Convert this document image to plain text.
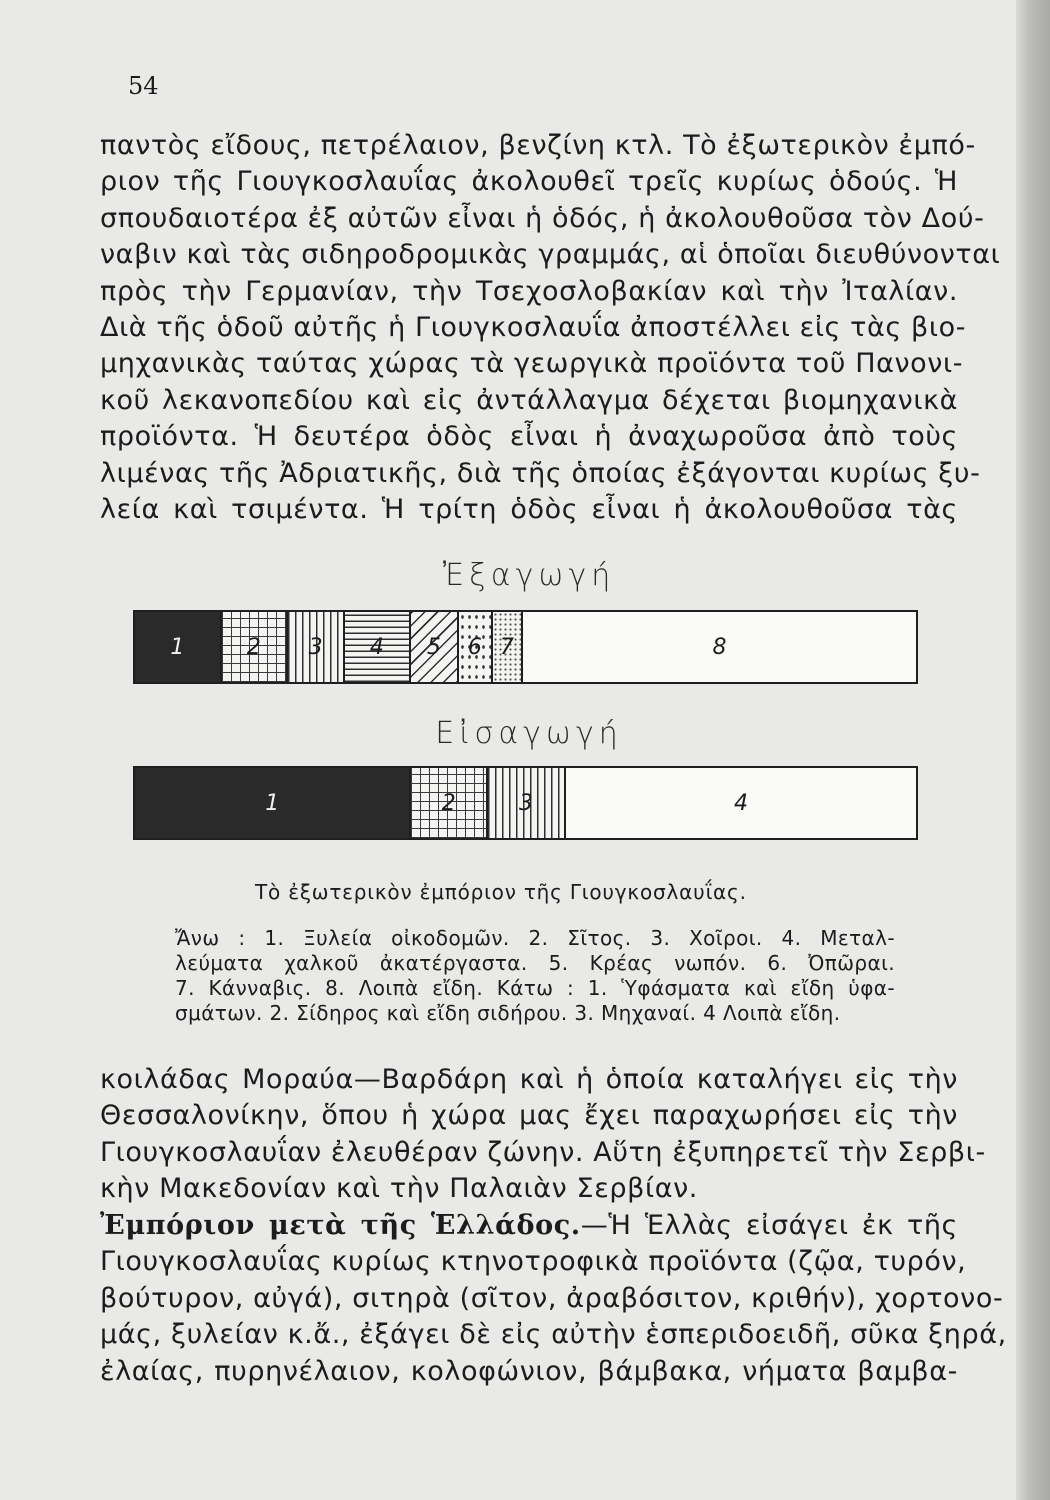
54
παντὸς εἴδους, πετρέλαιον, βενζίνη κτλ. Τὸ ἐξωτερικὸν ἐμπό-
ριον τῆς Γιουγκοσλαυΐας ἀκολουθεῖ τρεῖς κυρίως ὁδούς. Ἡ
σπουδαιοτέρα ἐξ αὐτῶν εἶναι ἡ ὁδός, ἡ ἀκολουθοῦσα τὸν Δού-
ναβιν καὶ τὰς σιδηροδρομικὰς γραμμάς, αἱ ὁποῖαι διευθύνονται
πρὸς τὴν Γερμανίαν, τὴν Τσεχοσλοβακίαν καὶ τὴν Ἰταλίαν.
Διὰ τῆς ὁδοῦ αὐτῆς ἡ Γιουγκοσλαυΐα ἀποστέλλει εἰς τὰς βιο-
μηχανικὰς ταύτας χώρας τὰ γεωργικὰ προϊόντα τοῦ Πανονι-
κοῦ λεκανοπεδίου καὶ εἰς ἀντάλλαγμα δέχεται βιομηχανικὰ
προϊόντα. Ἡ δευτέρα ὁδὸς εἶναι ἡ ἀναχωροῦσα ἀπὸ τοὺς
λιμένας τῆς Ἀδριατικῆς, διὰ τῆς ὁποίας ἐξάγονται κυρίως ξυ-
λεία καὶ τσιμέντα. Ἡ τρίτη ὁδὸς εἶναι ἡ ἀκολουθοῦσα τὰς
Ἐξαγωγή
1	2 3 4 5 6 7	8
Εἰσαγωγή
1	2	3	4
Τὸ ἐξωτερικὸν ἐμπόριον τῆς Γιουγκοσλαυΐας.
Ἄνω : 1. Ξυλεία οἰκοδομῶν. 2. Σῖτος. 3. Χοῖροι. 4. Μεταλ-
λεύματα χαλκοῦ ἀκατέργαστα. 5. Κρέας νωπόν. 6. Ὀπῶραι.
7. Κάνναβις. 8. Λοιπὰ εἴδη. Κάτω : 1. Ὑφάσματα καὶ εἴδη ὑφα-
σμάτων. 2. Σίδηρος καὶ εἴδη σιδήρου. 3. Μηχαναί. 4 Λοιπὰ εἴδη.
κοιλάδας Μοραύα—Βαρδάρη καὶ ἡ ὁποία καταλήγει εἰς τὴν
Θεσσαλονίκην, ὅπου ἡ χώρα μας ἔχει παραχωρήσει εἰς τὴν
Γιουγκοσλαυΐαν ἐλευθέραν ζώνην. Αὕτη ἐξυπηρετεῖ τὴν Σερβι-
κὴν Μακεδονίαν καὶ τὴν Παλαιὰν Σερβίαν.
Ἐμπόριον μετὰ τῆς Ἑλλάδος.—Ἡ Ἑλλὰς εἰσάγει ἐκ τῆς
Γιουγκοσλαυΐας κυρίως κτηνοτροφικὰ προϊόντα (ζῷα, τυρόν,
βούτυρον, αὐγά), σιτηρὰ (σῖτον, ἀραβόσιτον, κριθήν), χορτονο-
μάς, ξυλείαν κ.ἄ., ἐξάγει δὲ εἰς αὐτὴν ἑσπεριδοειδῆ, σῦκα ξηρά,
ἐλαίας, πυρηνέλαιον, κολοφώνιον, βάμβακα, νήματα βαμβα-
